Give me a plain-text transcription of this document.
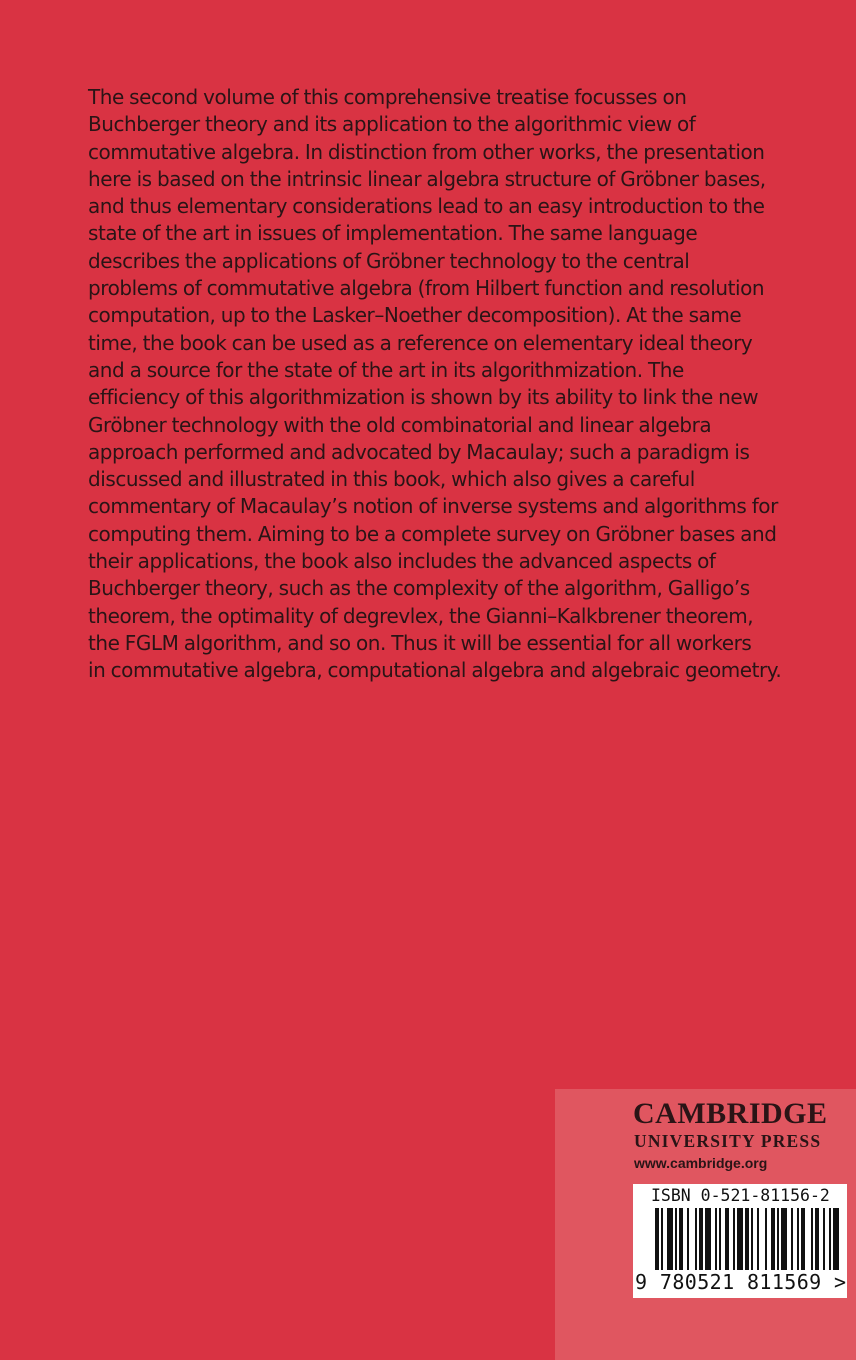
The second volume of this comprehensive treatise focusses on
Buchberger theory and its application to the algorithmic view of
commutative algebra. In distinction from other works, the presentation
here is based on the intrinsic linear algebra structure of Gröbner bases,
and thus elementary considerations lead to an easy introduction to the
state of the art in issues of implementation. The same language
describes the applications of Gröbner technology to the central
problems of commutative algebra (from Hilbert function and resolution
computation, up to the Lasker–Noether decomposition). At the same
time, the book can be used as a reference on elementary ideal theory
and a source for the state of the art in its algorithmization. The
efficiency of this algorithmization is shown by its ability to link the new
Gröbner technology with the old combinatorial and linear algebra
approach performed and advocated by Macaulay; such a paradigm is
discussed and illustrated in this book, which also gives a careful
commentary of Macaulay’s notion of inverse systems and algorithms for
computing them. Aiming to be a complete survey on Gröbner bases and
their applications, the book also includes the advanced aspects of
Buchberger theory, such as the complexity of the algorithm, Galligo’s
theorem, the optimality of degrevlex, the Gianni–Kalkbrener theorem,
the FGLM algorithm, and so on. Thus it will be essential for all workers
in commutative algebra, computational algebra and algebraic geometry.

CAMBRIDGE
UNIVERSITY PRESS
www.cambridge.org
ISBN 0-521-81156-2
9 780521 811569 >
